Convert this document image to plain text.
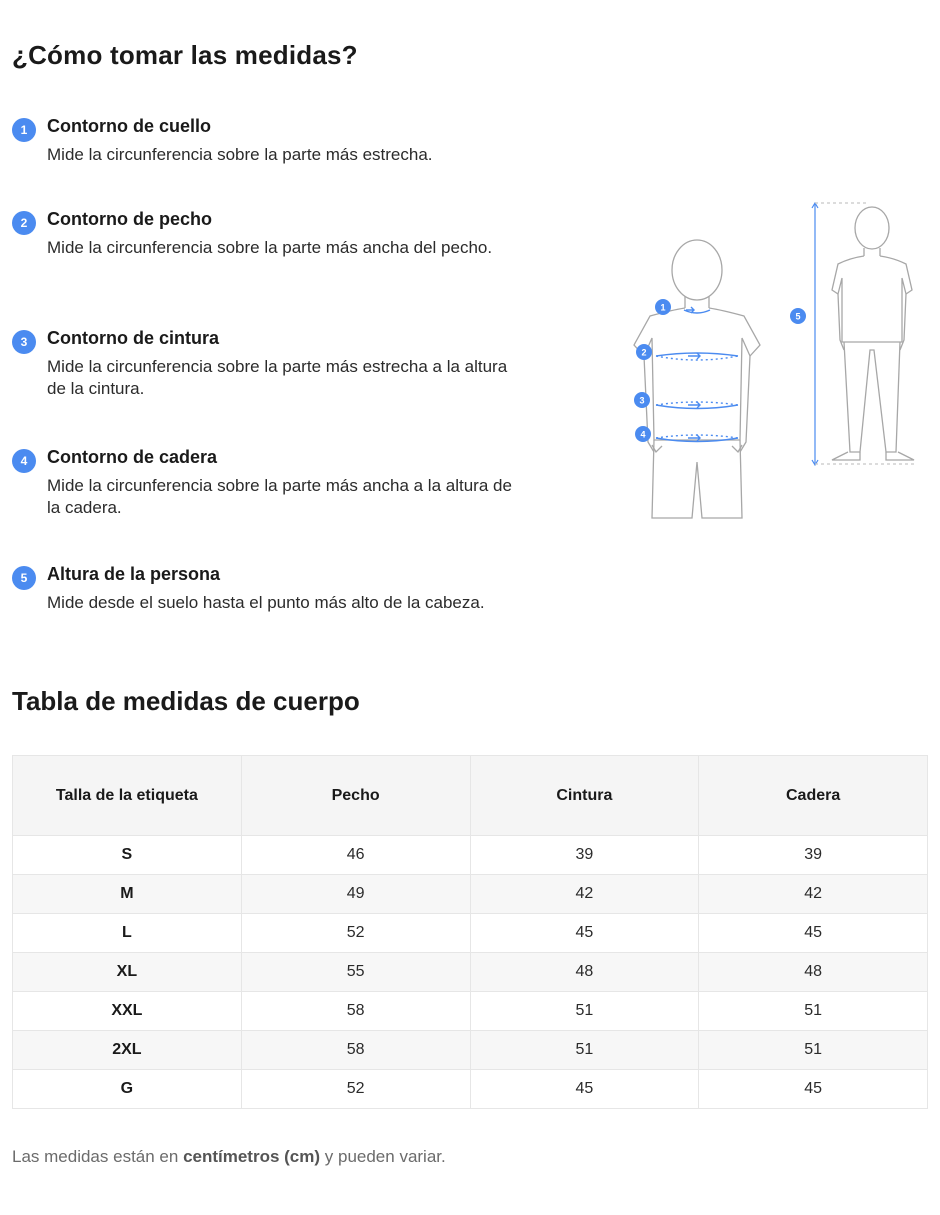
¿Cómo tomar las medidas?
1	Contorno de cuello
Mide la circunferencia sobre la parte más estrecha.
2	Contorno de pecho
Mide la circunferencia sobre la parte más ancha del pecho.
3	Contorno de cintura
Mide la circunferencia sobre la parte más estrecha a la altura de la cintura.
4	Contorno de cadera
Mide la circunferencia sobre la parte más ancha a la altura de la cadera.
5	Altura de la persona
Mide desde el suelo hasta el punto más alto de la cabeza.
1
2
3
4
5
Tabla de medidas de cuerpo
Talla de la etiqueta	Pecho	Cintura	Cadera
S	46	39	39
M	49	42	42
L	52	45	45
XL	55	48	48
XXL	58	51	51
2XL	58	51	51
G	52	45	45
Las medidas están en centímetros (cm) y pueden variar.
